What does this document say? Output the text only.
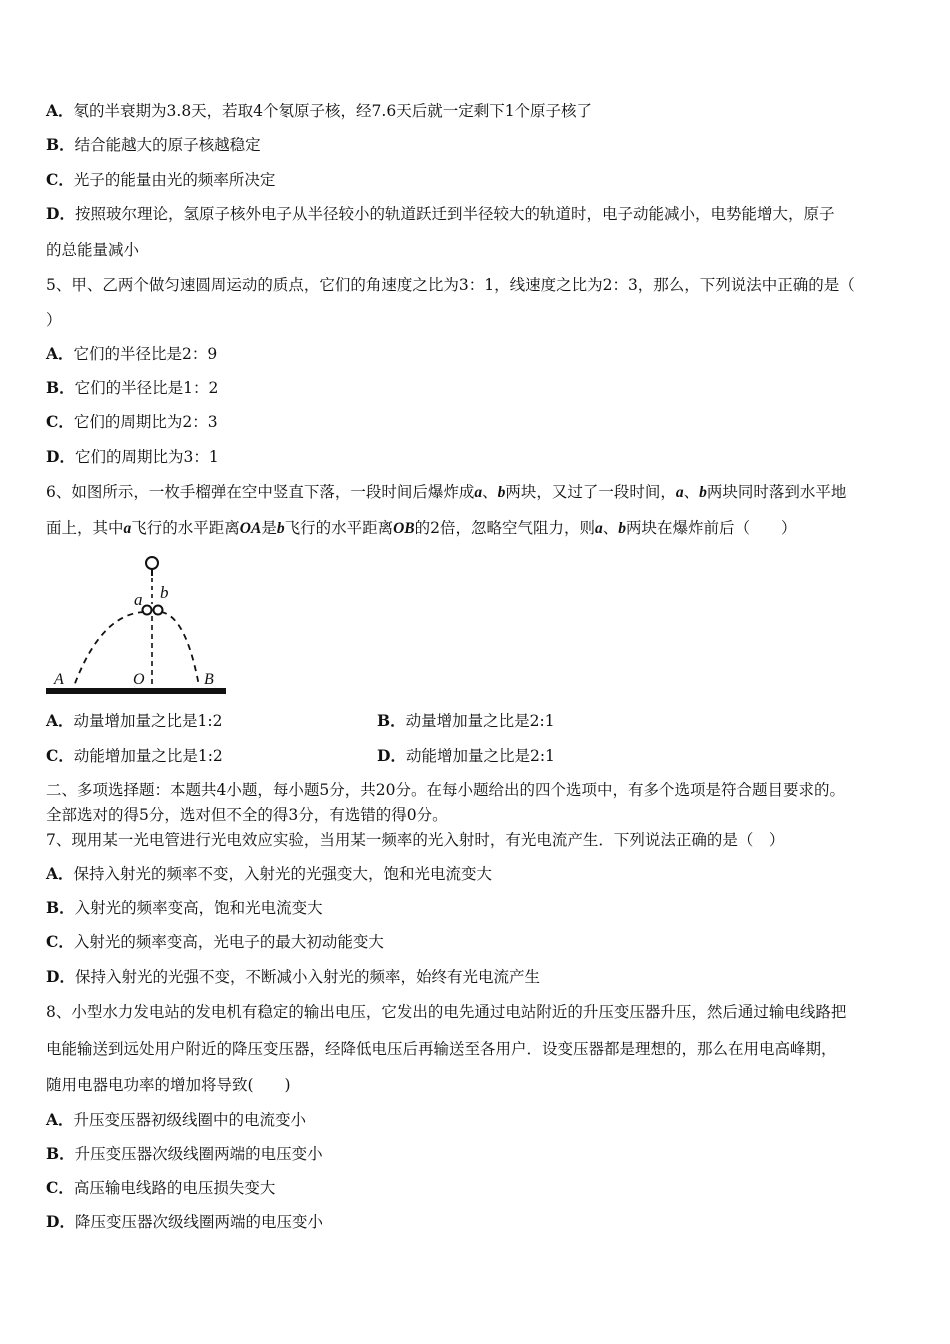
A．氡的半衰期为3.8天，若取4个氡原子核，经7.6天后就一定剩下1个原子核了
B．结合能越大的原子核越稳定
C．光子的能量由光的频率所决定
D．按照玻尔理论，氢原子核外电子从半径较小的轨道跃迁到半径较大的轨道时，电子动能减小，电势能增大，原子
的总能量减小
5、甲、乙两个做匀速圆周运动的质点，它们的角速度之比为3：1，线速度之比为2：3，那么，下列说法中正确的是（
）
A．它们的半径比是2：9
B．它们的半径比是1：2
C．它们的周期比为2：3
D．它们的周期比为3：1
6、如图所示，一枚手榴弹在空中竖直下落，一段时间后爆炸成a、b两块，又过了一段时间，a、b两块同时落到水平地
面上，其中a飞行的水平距离OA是b飞行的水平距离OB的2倍，忽略空气阻力，则a、b两块在爆炸前后（　　）
a b
A	O	B
A．动量增加量之比是1:2	B．动量增加量之比是2:1
C．动能增加量之比是1:2	D．动能增加量之比是2:1
二、多项选择题：本题共4小题，每小题5分，共20分。在每小题给出的四个选项中，有多个选项是符合题目要求的。
全部选对的得5分，选对但不全的得3分，有选错的得0分。
7、现用某一光电管进行光电效应实验，当用某一频率的光入射时，有光电流产生．下列说法正确的是（　）
A．保持入射光的频率不变，入射光的光强变大，饱和光电流变大
B．入射光的频率变高，饱和光电流变大
C．入射光的频率变高，光电子的最大初动能变大
D．保持入射光的光强不变，不断减小入射光的频率，始终有光电流产生
8、小型水力发电站的发电机有稳定的输出电压，它发出的电先通过电站附近的升压变压器升压，然后通过输电线路把
电能输送到远处用户附近的降压变压器，经降低电压后再输送至各用户．设变压器都是理想的，那么在用电高峰期，
随用电器电功率的增加将导致(　　)
A．升压变压器初级线圈中的电流变小
B．升压变压器次级线圈两端的电压变小
C．高压输电线路的电压损失变大
D．降压变压器次级线圈两端的电压变小
